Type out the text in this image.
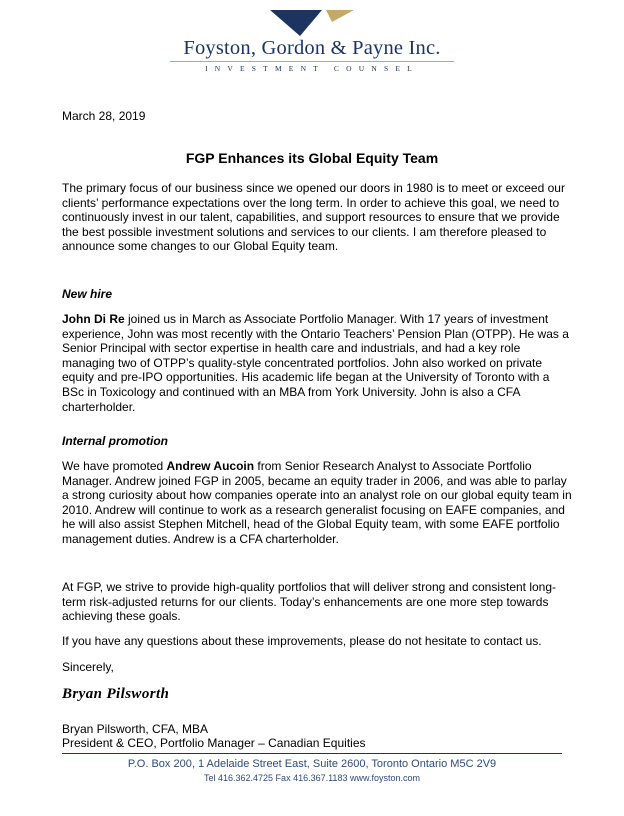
Foyston, Gordon & Payne Inc.
INVESTMENT COUNSEL
March 28, 2019
FGP Enhances its Global Equity Team
The primary focus of our business since we opened our doors in 1980 is to meet or exceed our clients’ performance expectations over the long term. In order to achieve this goal, we need to continuously invest in our talent, capabilities, and support resources to ensure that we provide the best possible investment solutions and services to our clients. I am therefore pleased to announce some changes to our Global Equity team.
New hire
John Di Re joined us in March as Associate Portfolio Manager. With 17 years of investment experience, John was most recently with the Ontario Teachers’ Pension Plan (OTPP). He was a Senior Principal with sector expertise in health care and industrials, and had a key role managing two of OTPP’s quality-style concentrated portfolios. John also worked on private equity and pre-IPO opportunities. His academic life began at the University of Toronto with a BSc in Toxicology and continued with an MBA from York University. John is also a CFA charterholder.
Internal promotion
We have promoted Andrew Aucoin from Senior Research Analyst to Associate Portfolio Manager. Andrew joined FGP in 2005, became an equity trader in 2006, and was able to parlay a strong curiosity about how companies operate into an analyst role on our global equity team in 2010. Andrew will continue to work as a research generalist focusing on EAFE companies, and he will also assist Stephen Mitchell, head of the Global Equity team, with some EAFE portfolio management duties. Andrew is a CFA charterholder.
At FGP, we strive to provide high-quality portfolios that will deliver strong and consistent long-term risk-adjusted returns for our clients. Today’s enhancements are one more step towards achieving these goals.
If you have any questions about these improvements, please do not hesitate to contact us.
Sincerely,
Bryan Pilsworth
Bryan Pilsworth, CFA, MBA
President & CEO, Portfolio Manager – Canadian Equities
P.O. Box 200, 1 Adelaide Street East, Suite 2600, Toronto Ontario M5C 2V9
Tel 416.362.4725 Fax 416.367.1183 www.foyston.com
